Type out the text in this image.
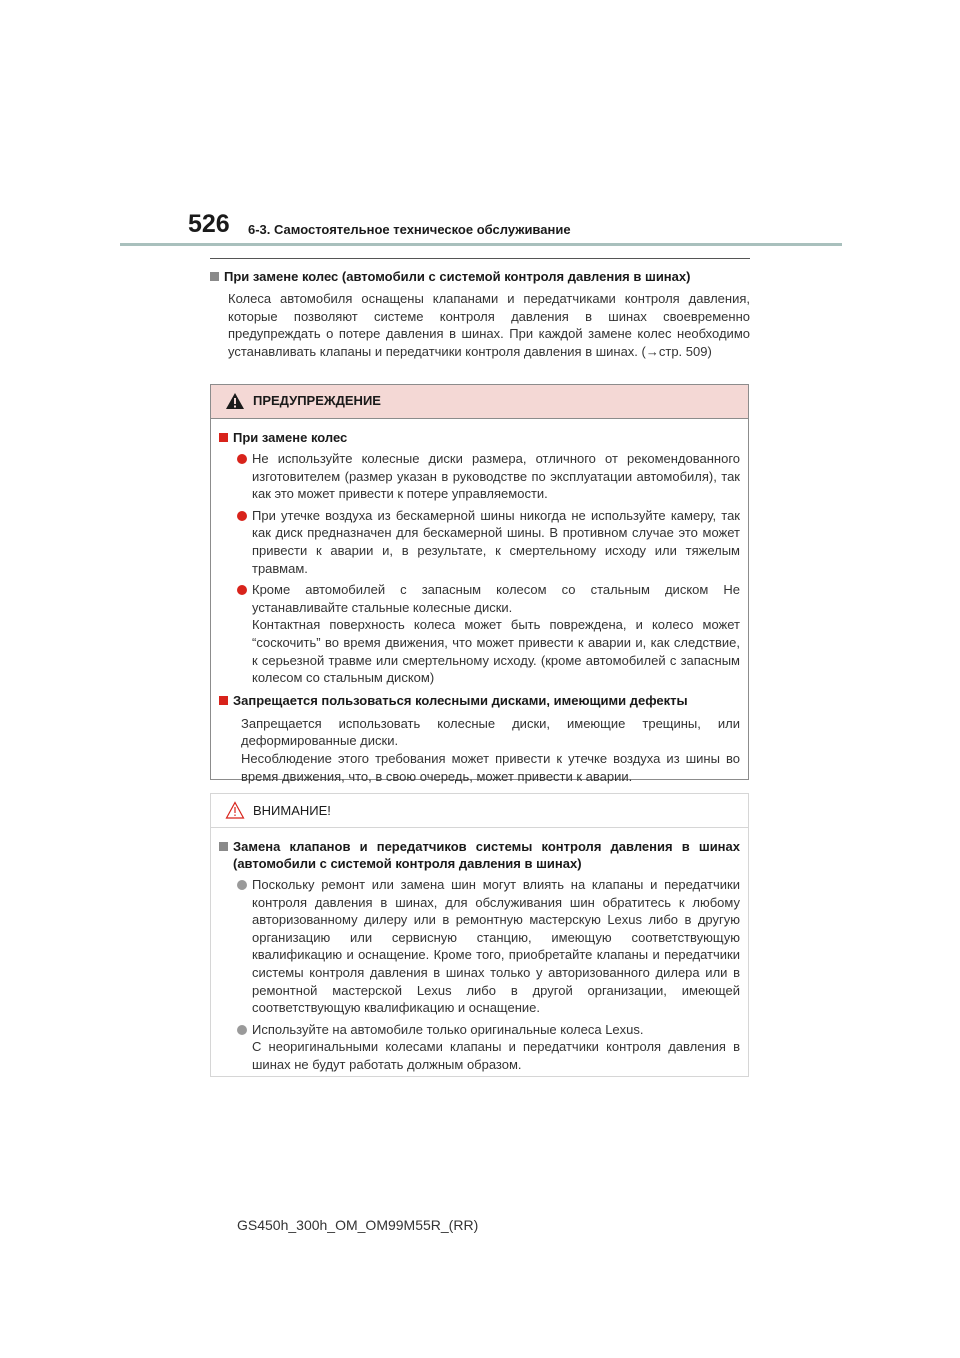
526 6-3. Самостоятельное техническое обслуживание
При замене колес (автомобили с системой контроля давления в шинах)
Колеса автомобиля оснащены клапанами и передатчиками контроля давления, которые позволяют системе контроля давления в шинах своевременно предупреждать о потере давления в шинах. При каждой замене колес необходимо устанавливать клапаны и передатчики контроля давления в шинах. (→стр. 509)
ПРЕДУПРЕЖДЕНИЕ
При замене колес

Не используйте колесные диски размера, отличного от рекомендованного изготовителем (размер указан в руководстве по эксплуатации автомобиля), так как это может привести к потере управляемости.

При утечке воздуха из бескамерной шины никогда не используйте камеру, так как диск предназначен для бескамерной шины. В противном случае это может привести к аварии и, в результате, к смертельному исходу или тяжелым травмам.

Кроме автомобилей с запасным колесом со стальным диском Не устанавливайте стальные колесные диски.

Контактная поверхность колеса может быть повреждена, и колесо может “соскочить” во время движения, что может привести к аварии и, как следствие, к серьезной травме или смертельному исходу. (кроме автомобилей с запасным колесом со стальным диском)

Запрещается пользоваться колесными дисками, имеющими дефекты

Запрещается использовать колесные диски, имеющие трещины, или деформированные диски.

Несоблюдение этого требования может привести к утечке воздуха из шины во время движения, что, в свою очередь, может привести к аварии.

ВНИМАНИЕ!
Замена клапанов и передатчиков системы контроля давления в шинах (автомобили с системой контроля давления в шинах)

Поскольку ремонт или замена шин могут влиять на клапаны и передатчики контроля давления в шинах, для обслуживания шин обратитесь к любому авторизованному дилеру или в ремонтную мастерскую Lexus либо в другую организацию или сервисную станцию, имеющую соответствующую квалификацию и оснащение. Кроме того, приобретайте клапаны и передатчики системы контроля давления в шинах только у авторизованного дилера или в ремонтной мастерской Lexus либо в другой организации, имеющей соответствующую квалификацию и оснащение.

Используйте на автомобиле только оригинальные колеса Lexus.

С неоригинальными колесами клапаны и передатчики контроля давления в шинах не будут работать должным образом.

GS450h_300h_OM_OM99M55R_(RR)
